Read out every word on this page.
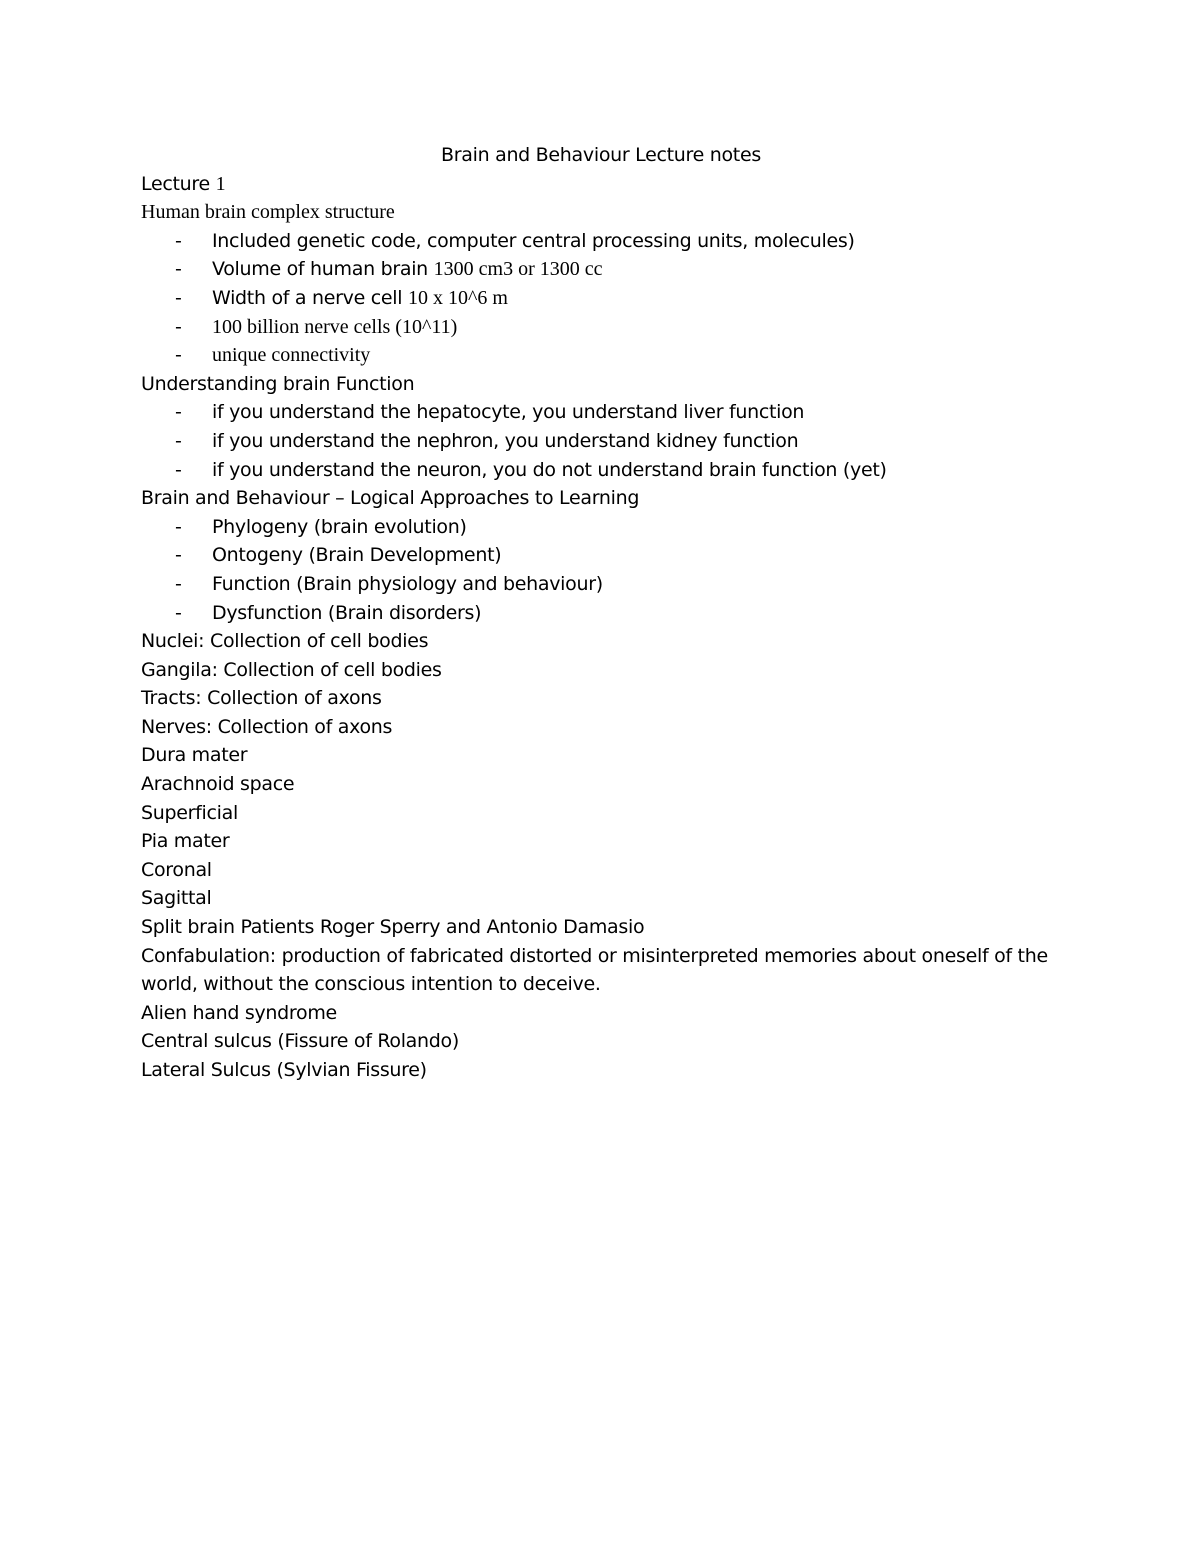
Brain and Behaviour Lecture notes
Lecture 1
Human brain complex structure
- Included genetic code, computer central processing units, molecules)
- Volume of human brain 1300 cm3 or 1300 cc
- Width of a nerve cell 10 x 10^6 m
- 100 billion nerve cells (10^11)
- unique connectivity
Understanding brain Function
- if you understand the hepatocyte, you understand liver function
- if you understand the nephron, you understand kidney function
- if you understand the neuron, you do not understand brain function (yet)
Brain and Behaviour – Logical Approaches to Learning
- Phylogeny (brain evolution)
- Ontogeny (Brain Development)
- Function (Brain physiology and behaviour)
- Dysfunction (Brain disorders)
Nuclei: Collection of cell bodies
Gangila: Collection of cell bodies
Tracts: Collection of axons
Nerves: Collection of axons
Dura mater
Arachnoid space
Superficial
Pia mater
Coronal
Sagittal
Split brain Patients Roger Sperry and Antonio Damasio
Confabulation: production of fabricated distorted or misinterpreted memories about oneself of the world, without the conscious intention to deceive.
Alien hand syndrome
Central sulcus (Fissure of Rolando)
Lateral Sulcus (Sylvian Fissure)
